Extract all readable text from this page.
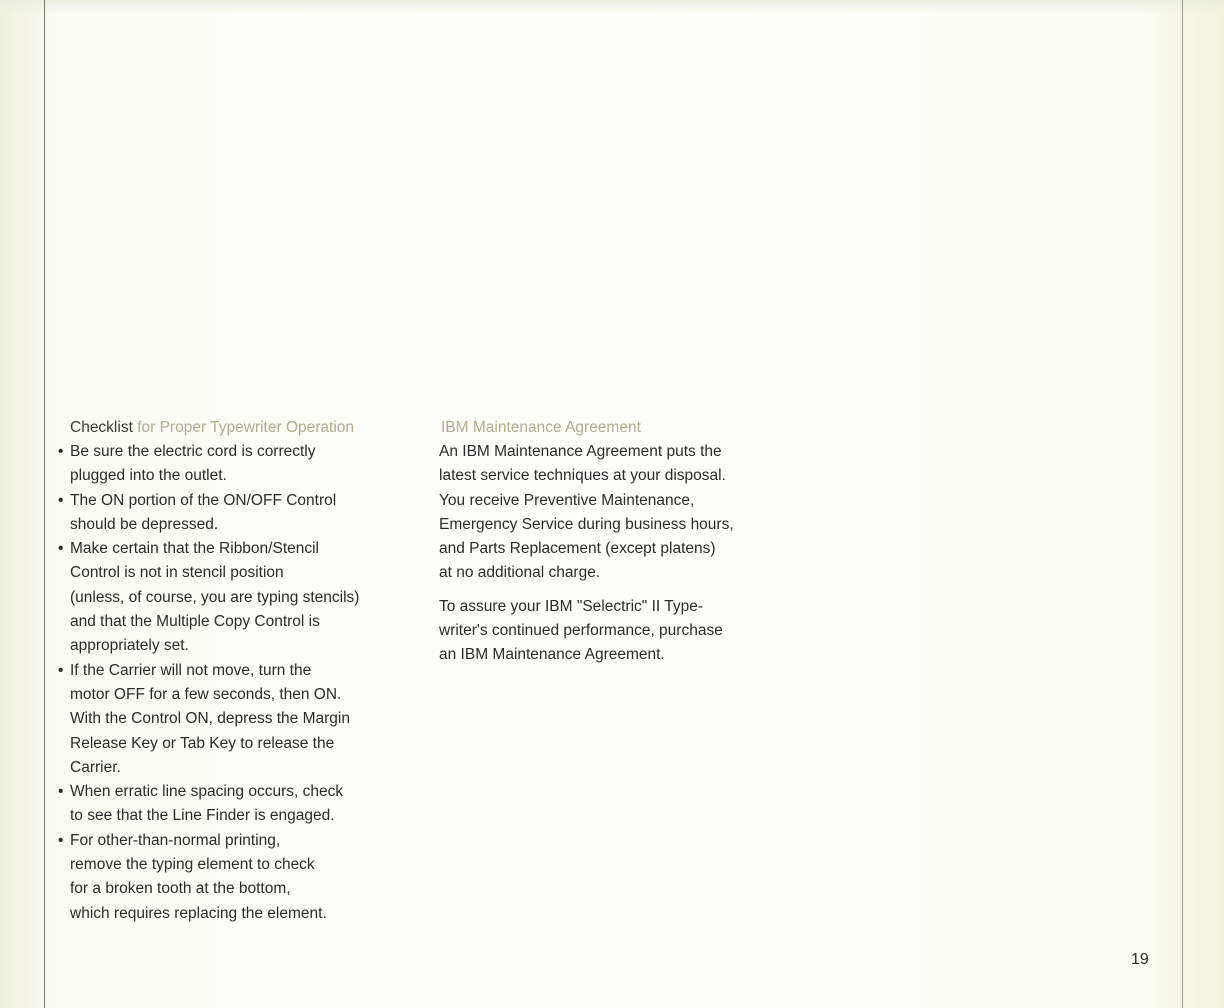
Checklist for Proper Typewriter Operation
• Be sure the electric cord is correctly
plugged into the outlet.
• The ON portion of the ON/OFF Control
should be depressed.
• Make certain that the Ribbon/Stencil
Control is not in stencil position
(unless, of course, you are typing stencils)
and that the Multiple Copy Control is
appropriately set.
• If the Carrier will not move, turn the
motor OFF for a few seconds, then ON.
With the Control ON, depress the Margin
Release Key or Tab Key to release the
Carrier.
• When erratic line spacing occurs, check
to see that the Line Finder is engaged.
• For other-than-normal printing,
remove the typing element to check
for a broken tooth at the bottom,
which requires replacing the element.
IBM Maintenance Agreement

An IBM Maintenance Agreement puts the
latest service techniques at your disposal.
You receive Preventive Maintenance,
Emergency Service during business hours,
and Parts Replacement (except platens)
at no additional charge.

To assure your IBM "Selectric" II Type-
writer's continued performance, purchase
an IBM Maintenance Agreement.

19
